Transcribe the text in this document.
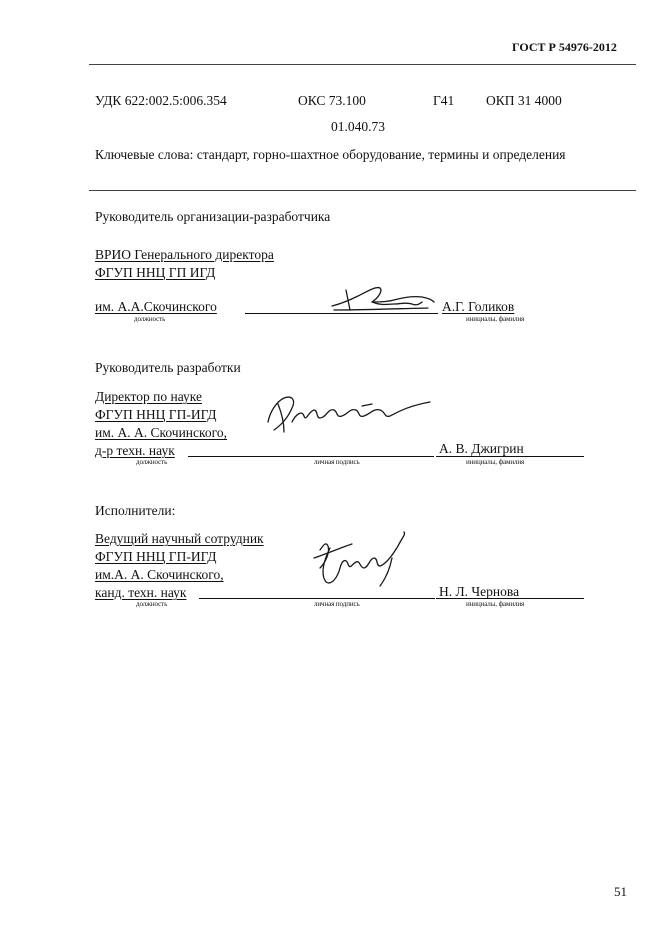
ГОСТ Р 54976-2012
УДК 622:002.5:006.354	ОКС 73.100	Г41 ОКП 31 4000
01.040.73
Ключевые слова: стандарт, горно-шахтное оборудование, термины и определения
Руководитель организации-разработчика
ВРИО Генерального директора
ФГУП ННЦ ГП ИГД
им. А.А.Скочинского	А.Г. Голиков
должность	инициалы, фамилия
Руководитель разработки
Директор по науке
ФГУП ННЦ ГП-ИГД
им. А. А. Скочинского,
д-р техн. наук	А. В. Джигрин
должность	личная подпись	инициалы, фамилия
Исполнители:
Ведущий научный сотрудник
ФГУП ННЦ ГП-ИГД
им.А. А. Скочинского,
канд. техн. наук	Н. Л. Чернова
должность	личная подпись	инициалы, фамилия
51
